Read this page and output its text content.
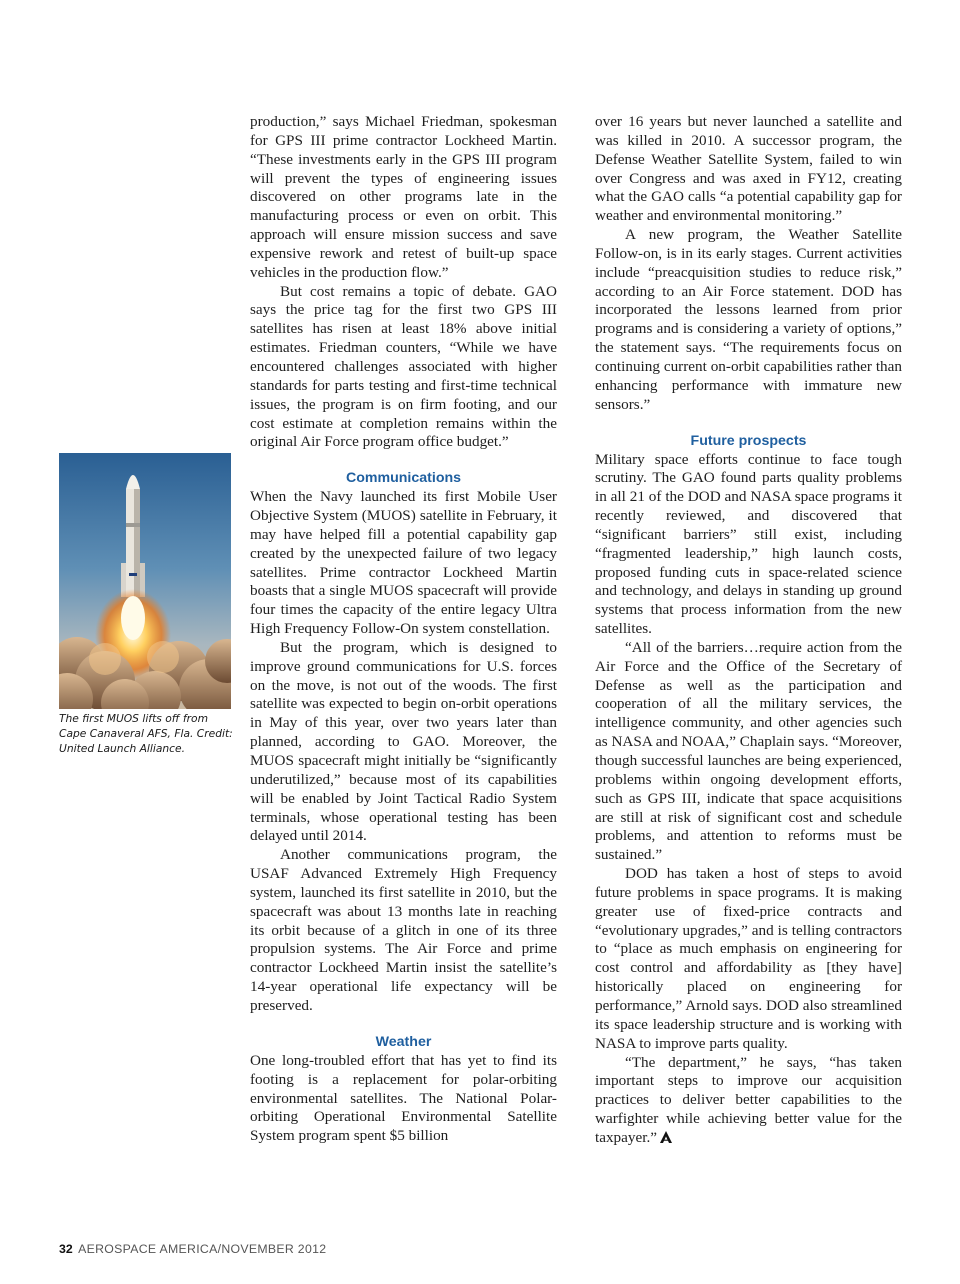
The first MUOS lifts off from Cape Canaveral AFS, Fla. Credit: United Launch Alliance.

production,” says Michael Friedman, spokesman for GPS III prime contractor Lockheed Martin. “These investments early in the GPS III program will prevent the types of engineering issues discovered on other programs late in the manufacturing process or even on orbit. This approach will ensure mission success and save expensive rework and retest of built-up space vehicles in the production flow.”

But cost remains a topic of debate. GAO says the price tag for the first two GPS III satellites has risen at least 18% above initial estimates. Friedman counters, “While we have encountered challenges associated with higher standards for parts testing and first-time technical issues, the program is on firm footing, and our cost estimate at completion remains within the original Air Force program office budget.”

Communications

When the Navy launched its first Mobile User Objective System (MUOS) satellite in February, it may have helped fill a potential capability gap created by the unexpected failure of two legacy satellites. Prime contractor Lockheed Martin boasts that a single MUOS spacecraft will provide four times the capacity of the entire legacy Ultra High Frequency Follow-On system constellation.

But the program, which is designed to improve ground communications for U.S. forces on the move, is not out of the woods. The first satellite was expected to begin on-orbit operations in May of this year, over two years later than planned, according to GAO. Moreover, the MUOS spacecraft might initially be “significantly underutilized,” because most of its capabilities will be enabled by Joint Tactical Radio System terminals, whose operational testing has been delayed until 2014.

Another communications program, the USAF Advanced Extremely High Frequency system, launched its first satellite in 2010, but the spacecraft was about 13 months late in reaching its orbit because of a glitch in one of its three propulsion systems. The Air Force and prime contractor Lockheed Martin insist the satellite’s 14-year operational life expectancy will be preserved.

Weather

One long-troubled effort that has yet to find its footing is a replacement for polar-orbiting environmental satellites. The National Polar-orbiting Operational Environmental Satellite System program spent $5 billion

over 16 years but never launched a satellite and was killed in 2010. A successor program, the Defense Weather Satellite System, failed to win over Congress and was axed in FY12, creating what the GAO calls “a potential capability gap for weather and environmental monitoring.”

A new program, the Weather Satellite Follow-on, is in its early stages. Current activities include “preacquisition studies to reduce risk,” according to an Air Force statement. DOD has incorporated the lessons learned from prior programs and is considering a variety of options,” the statement says. “The requirements focus on continuing current on-orbit capabilities rather than enhancing performance with immature new sensors.”

Future prospects

Military space efforts continue to face tough scrutiny. The GAO found parts quality problems in all 21 of the DOD and NASA space programs it recently reviewed, and discovered that “significant barriers” still exist, including “fragmented leadership,” high launch costs, proposed funding cuts in space-related science and technology, and delays in standing up ground systems that process information from the new satellites.

“All of the barriers…require action from the Air Force and the Office of the Secretary of Defense as well as the participation and cooperation of all the military services, the intelligence community, and other agencies such as NASA and NOAA,” Chaplain says. “Moreover, though successful launches are being experienced, problems within ongoing development efforts, such as GPS III, indicate that space acquisitions are still at risk of significant cost and schedule problems, and attention to reforms must be sustained.”

DOD has taken a host of steps to avoid future problems in space programs. It is making greater use of fixed-price contracts and “evolutionary upgrades,” and is telling contractors to “place as much emphasis on engineering for cost control and affordability as [they have] historically placed on engineering for performance,” Arnold says. DOD also streamlined its space leadership structure and is working with NASA to improve parts quality.

“The department,” he says, “has taken important steps to improve our acquisition practices to deliver better capabilities to the warfighter while achieving better value for the taxpayer.”

32 AEROSPACE AMERICA/NOVEMBER 2012
